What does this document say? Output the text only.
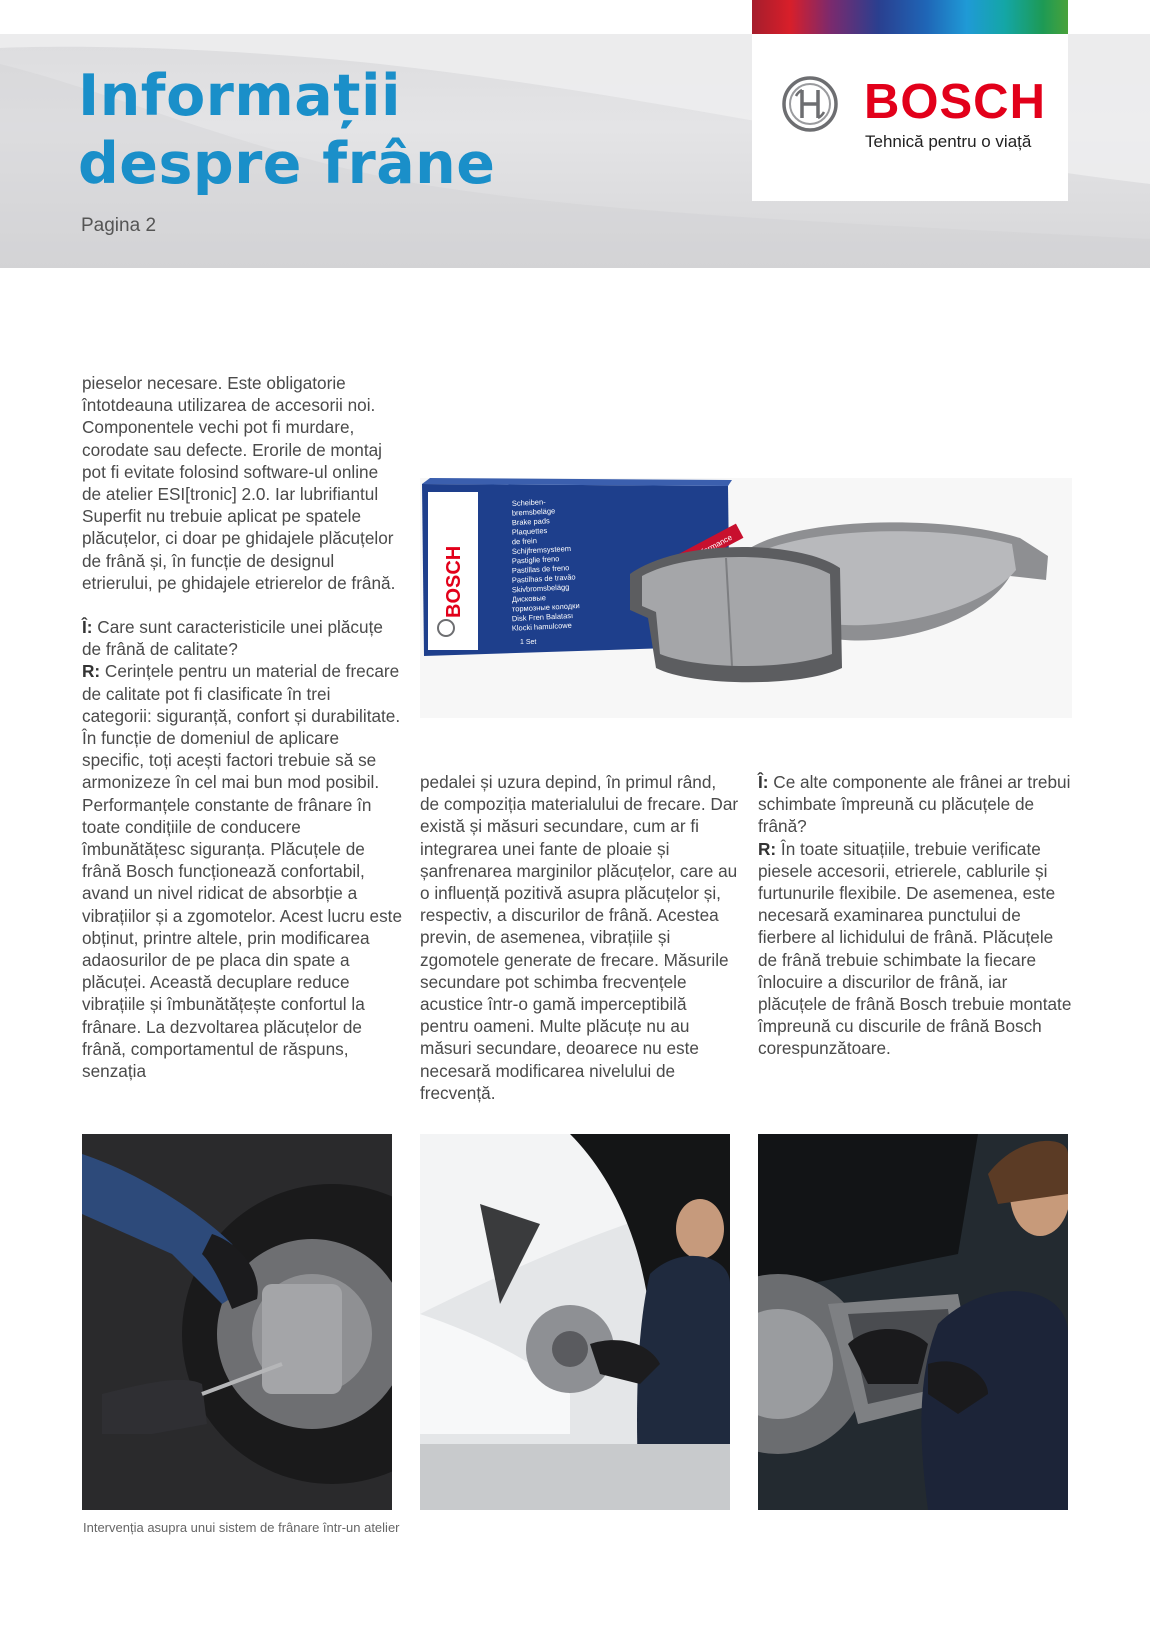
Informații
despre frâne
Pagina 2
BOSCH
Tehnică pentru o viață

pieselor necesare. Este obligatorie întotdeauna utilizarea de accesorii noi. Componentele vechi pot fi murdare, corodate sau defecte. Erorile de montaj pot fi evitate folosind software-ul online de atelier ESI[tronic] 2.0. Iar lubrifiantul Superfit nu trebuie aplicat pe spatele plăcuțelor, ci doar pe ghidajele plăcuțelor de frână și, în funcție de designul etrierului, pe ghidajele etrierelor de frână.

Î: Care sunt caracteristicile unei plăcuțe de frână de calitate?

R: Cerințele pentru un material de frecare de calitate pot fi clasificate în trei categorii: siguranță, confort și durabilitate. În funcție de domeniul de aplicare specific, toți acești factori trebuie să se armonizeze în cel mai bun mod posibil. Performanțele constante de frânare în toate condițiile de conducere îmbunătățesc siguranța. Plăcuțele de frână Bosch funcționează confortabil, avand un nivel ridicat de absorbție a vibrațiilor și a zgomotelor. Acest lucru este obținut, printre altele, prin modificarea adaosurilor de pe placa din spate a plăcuței. Această decuplare reduce vibrațiile și îmbunătățește confortul la frânare. La dezvoltarea plăcuțelor de frână, comportamentul de răspuns, senzația

BOSCH
Scheiben-
bremsbeläge
Brake pads
Plaquettes
de frein
Schijfremsysteem
Pastiglie freno
Pastillas de freno
Pastilhas de travão
Skivbromsbelägg
Дисковые
тормозные колодки
Disk Fren Balatası
Klocki hamulcowe
1 Set

pedalei și uzura depind, în primul rând, de compoziția materialului de frecare. Dar există și măsuri secundare, cum ar fi integrarea unei fante de ploaie și șanfrenarea marginilor plăcuțelor, care au o influență pozitivă asupra plăcuțelor și, respectiv, a discurilor de frână. Acestea previn, de asemenea, vibrațiile și zgomotele generate de frecare. Măsurile secundare pot schimba frecvențele acustice într-o gamă imperceptibilă pentru oameni. Multe plăcuțe nu au măsuri secundare, deoarece nu este necesară modificarea nivelului de frecvență.

Î: Ce alte componente ale frânei ar trebui schimbate împreună cu plăcuțele de frână?

R: În toate situațiile, trebuie verificate piesele accesorii, etrierele, cablurile și furtunurile flexibile. De asemenea, este necesară examinarea punctului de fierbere al lichidului de frână. Plăcuțele de frână trebuie schimbate la fiecare înlocuire a discurilor de frână, iar plăcuțele de frână Bosch trebuie montate împreună cu discurile de frână Bosch corespunzătoare.

Intervenția asupra unui sistem de frânare într-un atelier
